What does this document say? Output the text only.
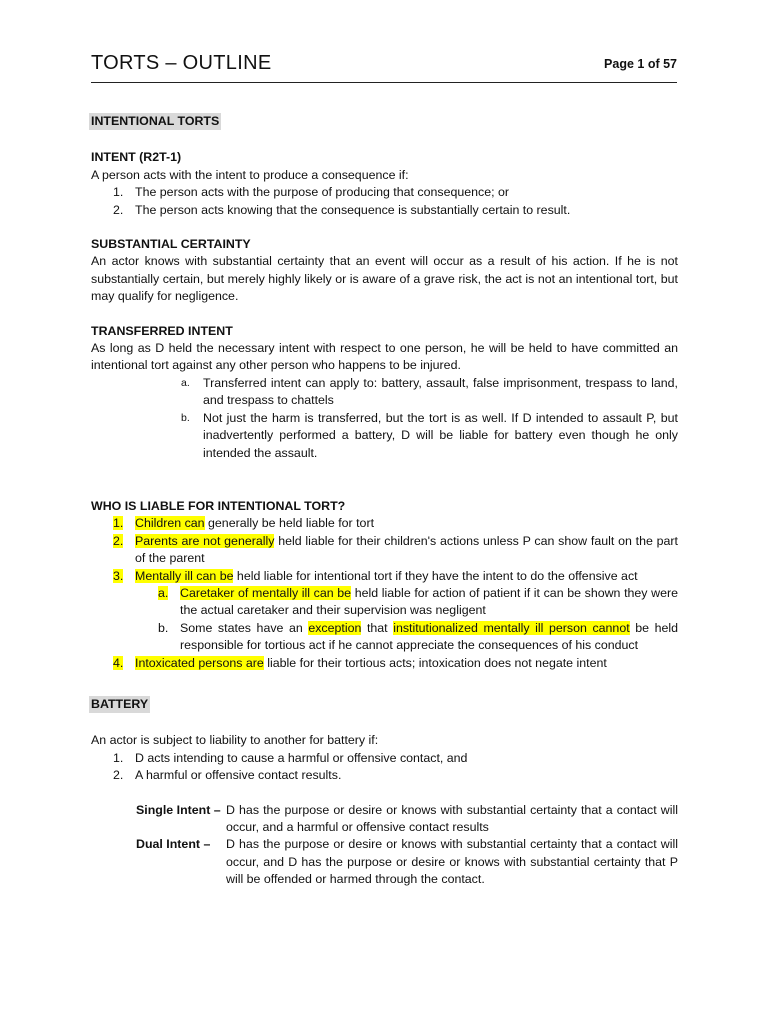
TORTS – OUTLINE	Page 1 of 57
INTENTIONAL TORTS
INTENT (R2T-1)
A person acts with the intent to produce a consequence if:
1. The person acts with the purpose of producing that consequence; or
2. The person acts knowing that the consequence is substantially certain to result.
SUBSTANTIAL CERTAINTY
An actor knows with substantial certainty that an event will occur as a result of his action. If he is not substantially certain, but merely highly likely or is aware of a grave risk, the act is not an intentional tort, but may qualify for negligence.
TRANSFERRED INTENT
As long as D held the necessary intent with respect to one person, he will be held to have committed an intentional tort against any other person who happens to be injured.
a.	Transferred intent can apply to: battery, assault, false imprisonment, trespass to land, and trespass to chattels
b.	Not just the harm is transferred, but the tort is as well. If D intended to assault P, but inadvertently performed a battery, D will be liable for battery even though he only intended the assault.
WHO IS LIABLE FOR INTENTIONAL TORT?
1. Children can generally be held liable for tort
2. Parents are not generally held liable for their children's actions unless P can show fault on the part of the parent
3. Mentally ill can be held liable for intentional tort if they have the intent to do the offensive act
a. Caretaker of mentally ill can be held liable for action of patient if it can be shown they were the actual caretaker and their supervision was negligent
b. Some states have an exception that institutionalized mentally ill person cannot be held responsible for tortious act if he cannot appreciate the consequences of his conduct
4. Intoxicated persons are liable for their tortious acts; intoxication does not negate intent
BATTERY
An actor is subject to liability to another for battery if:
1. D acts intending to cause a harmful or offensive contact, and
2. A harmful or offensive contact results.
Single Intent – D has the purpose or desire or knows with substantial certainty that a contact will occur, and a harmful or offensive contact results
Dual Intent –	D has the purpose or desire or knows with substantial certainty that a contact will occur, and D has the purpose or desire or knows with substantial certainty that P will be offended or harmed through the contact.
